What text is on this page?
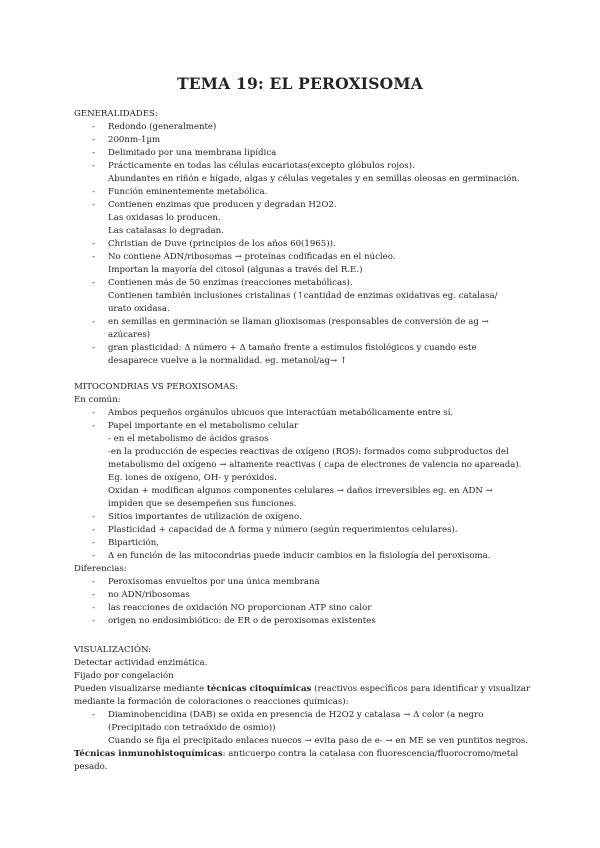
TEMA 19: EL PEROXISOMA

GENERALIDADES:

- Redondo (generalmente)
- 200nm-1µm
- Delimitado por una membrana lipídica
- Prácticamente en todas las células eucariotas(excepto glóbulos rojos).
Abundantes en riñón e hígado, algas y células vegetales y en semillas oleosas en germinación.
- Función eminentemente metabólica.
- Contienen enzimas que producen y degradan H2O2.
Las oxidasas lo producen.
Las catalasas lo degradan.
- Christian de Duve (principios de los años 60(1965)).
- No contiene ADN/ribosomas → proteínas codificadas en el núcleo.
Importan la mayoría del citosol (algunas a través del R.E.)
- Contienen más de 50 enzimas (reacciones metabólicas).
Contienen también inclusiones cristalinas (↑cantidad de enzimas oxidativas eg. catalasa/
urato oxidasa.
- en semillas en germinación se llaman glioxisomas (responsables de conversión de ag →
azúcares)
- gran plasticidad: Δ número + Δ tamaño frente a estímulos fisiológicos y cuando este
desaparece vuelve a la normalidad. eg. metanol/ag→ ↑

MITOCONDRIAS VS PEROXISOMAS:

En común:

- Ambos pequeños orgánulos ubicuos que interactúan metabólicamente entre sí.
- Papel importante en el metabolismo celular
- en el metabolismo de ácidos grasos
-en la producción de especies reactivas de oxígeno (ROS): formados como subproductos del
metabolismo del oxígeno → altamente reactivas ( capa de electrones de valencia no apareada).
Eg. iones de oxígeno, OH- y peróxidos.
Oxidan + modifican algunos componentes celulares → daños irreversibles eg. en ADN →
impiden que se desempeñen sus funciones.
- Sitios importantes de utilización de oxígeno.
- Plasticidad + capacidad de Δ forma y número (según requerimientos celulares).
- Bipartición,
- Δ en función de las mitocondrias puede inducir cambios en la fisiología del peroxisoma.

Diferencias:

- Peroxisomas envueltos por una única membrana
- no ADN/ribosomas
- las reacciones de oxidación NO proporcionan ATP sino calor
- origen no endosimbiótico: de ER o de peroxisomas existentes

VISUALIZACIÓN:

Detectar actividad enzimática.

Fijado por congelación

Pueden visualizarse mediante técnicas citoquímicas (reactivos específicos para identificar y visualizar

mediante la formación de coloraciones o reacciones químicas):

- Diaminobencidina (DAB) se oxida en presencia de H2O2 y catalasa → Δ color (a negro
(Precipitado con tetraóxido de osmio))
Cuando se fija el precipitado enlaces nuecos → evita paso de e- → en ME se ven puntitos negros.

Técnicas inmunohistoquímicas: anticuerpo contra la catalasa con fluorescencia/fluorocromo/metal

pesado.
